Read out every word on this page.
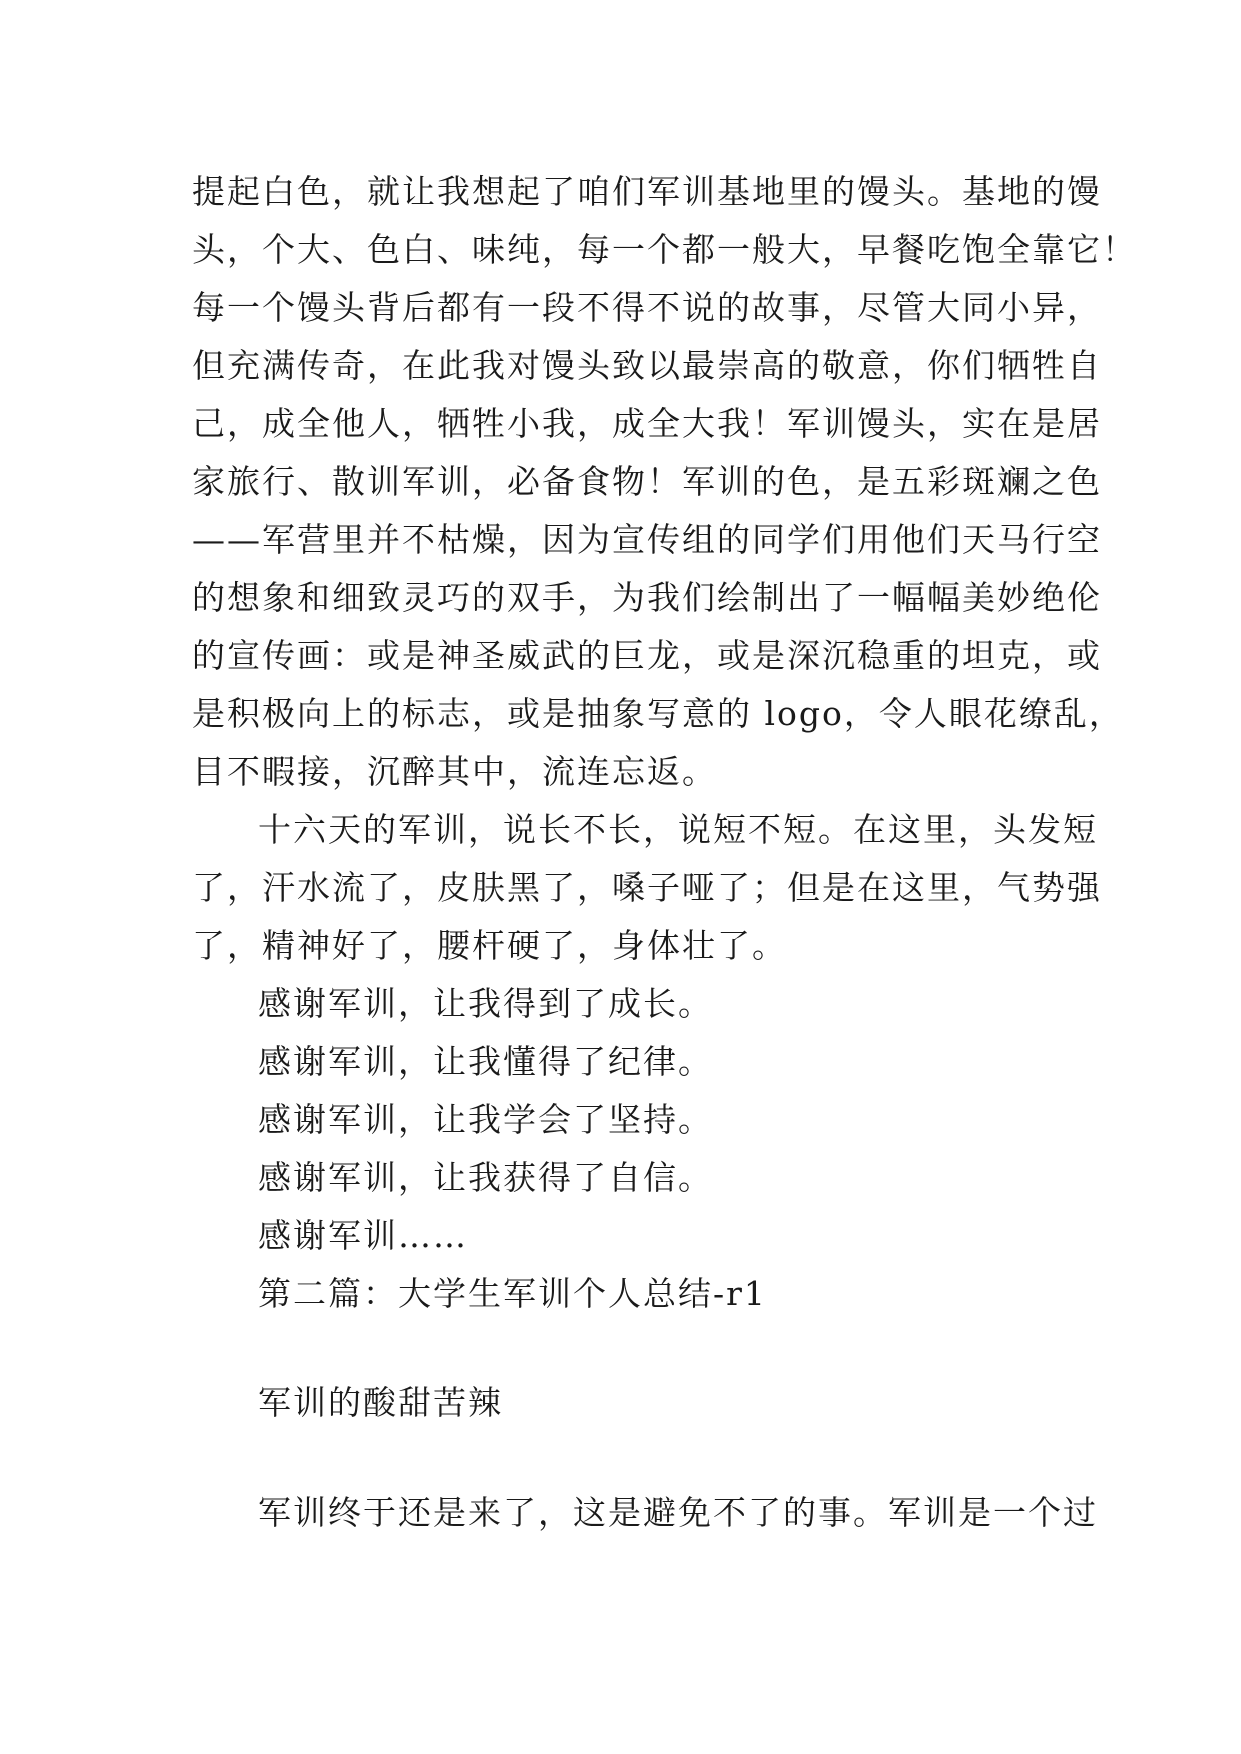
提起白色，就让我想起了咱们军训基地里的馒头。基地的馒
头，个大、色白、味纯，每一个都一般大，早餐吃饱全靠它！
每一个馒头背后都有一段不得不说的故事，尽管大同小异，
但充满传奇，在此我对馒头致以最崇高的敬意，你们牺牲自
己，成全他人，牺牲小我，成全大我！军训馒头，实在是居
家旅行、散训军训，必备食物！军训的色，是五彩斑斓之色
——军营里并不枯燥，因为宣传组的同学们用他们天马行空
的想象和细致灵巧的双手，为我们绘制出了一幅幅美妙绝伦
的宣传画：或是神圣威武的巨龙，或是深沉稳重的坦克，或
是积极向上的标志，或是抽象写意的 logo，令人眼花缭乱，
目不暇接，沉醉其中，流连忘返。
十六天的军训，说长不长，说短不短。在这里，头发短
了，汗水流了，皮肤黑了，嗓子哑了；但是在这里，气势强
了，精神好了，腰杆硬了，身体壮了。
感谢军训，让我得到了成长。
感谢军训，让我懂得了纪律。
感谢军训，让我学会了坚持。
感谢军训，让我获得了自信。
感谢军训……
第二篇：大学生军训个人总结-r1
军训的酸甜苦辣
军训终于还是来了，这是避免不了的事。军训是一个过
